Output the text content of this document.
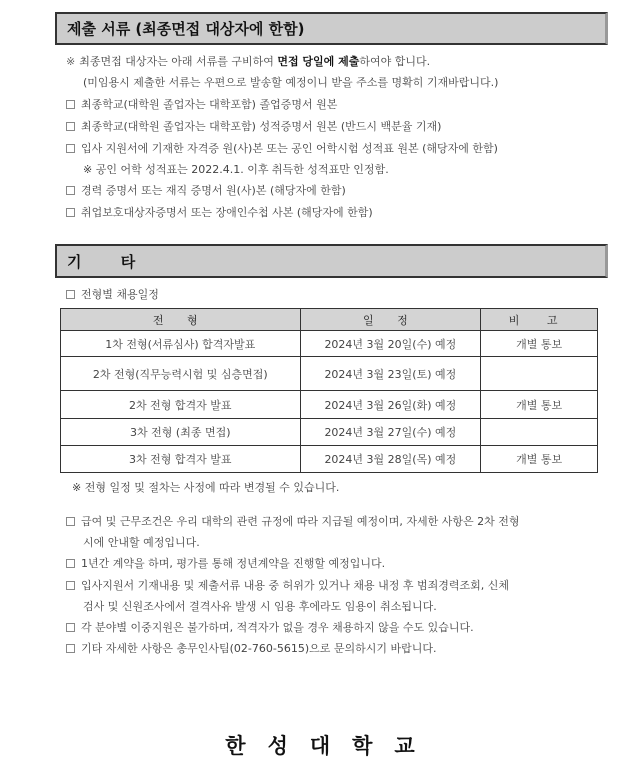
제출 서류 (최종면접 대상자에 한함)
※ 최종면접 대상자는 아래 서류를 구비하여 면접 당일에 제출하여야 합니다.
(미임용시 제출한 서류는 우편으로 발송할 예정이니 받을 주소를 명확히 기재바랍니다.)
최종학교(대학원 졸업자는 대학포함) 졸업증명서 원본
최종학교(대학원 졸업자는 대학포함) 성적증명서 원본 (반드시 백분율 기재)
입사 지원서에 기재한 자격증 원(사)본 또는 공인 어학시험 성적표 원본 (해당자에 한함)
※ 공인 어학 성적표는 2022.4.1. 이후 취득한 성적표만 인정함.
경력 증명서 또는 재직 증명서 원(사)본 (해당자에 한함)
취업보호대상자증명서 또는 장애인수첩 사본 (해당자에 한함)
기 타
전형별 채용일정
전 형	일 정	비 고
1차 전형(서류심사) 합격자발표	2024년 3월 20일(수) 예정	개별 통보
2차 전형(직무능력시험 및 심층면접)	2024년 3월 23일(토) 예정	
2차 전형 합격자 발표	2024년 3월 26일(화) 예정	개별 통보
3차 전형 (최종 면접)	2024년 3월 27일(수) 예정	
3차 전형 합격자 발표	2024년 3월 28일(목) 예정	개별 통보
※ 전형 일정 및 절차는 사정에 따라 변경될 수 있습니다.
급여 및 근무조건은 우리 대학의 관련 규정에 따라 지급될 예정이며, 자세한 사항은 2차 전형
시에 안내할 예정입니다.
1년간 계약을 하며, 평가를 통해 정년계약을 진행할 예정입니다.
입사지원서 기재내용 및 제출서류 내용 중 허위가 있거나 채용 내정 후 범죄경력조회, 신체
검사 및 신원조사에서 결격사유 발생 시 임용 후에라도 임용이 취소됩니다.
각 분야별 이중지원은 불가하며, 적격자가 없을 경우 채용하지 않을 수도 있습니다.
기타 자세한 사항은 총무인사팀(02-760-5615)으로 문의하시기 바랍니다.
한성대학교
